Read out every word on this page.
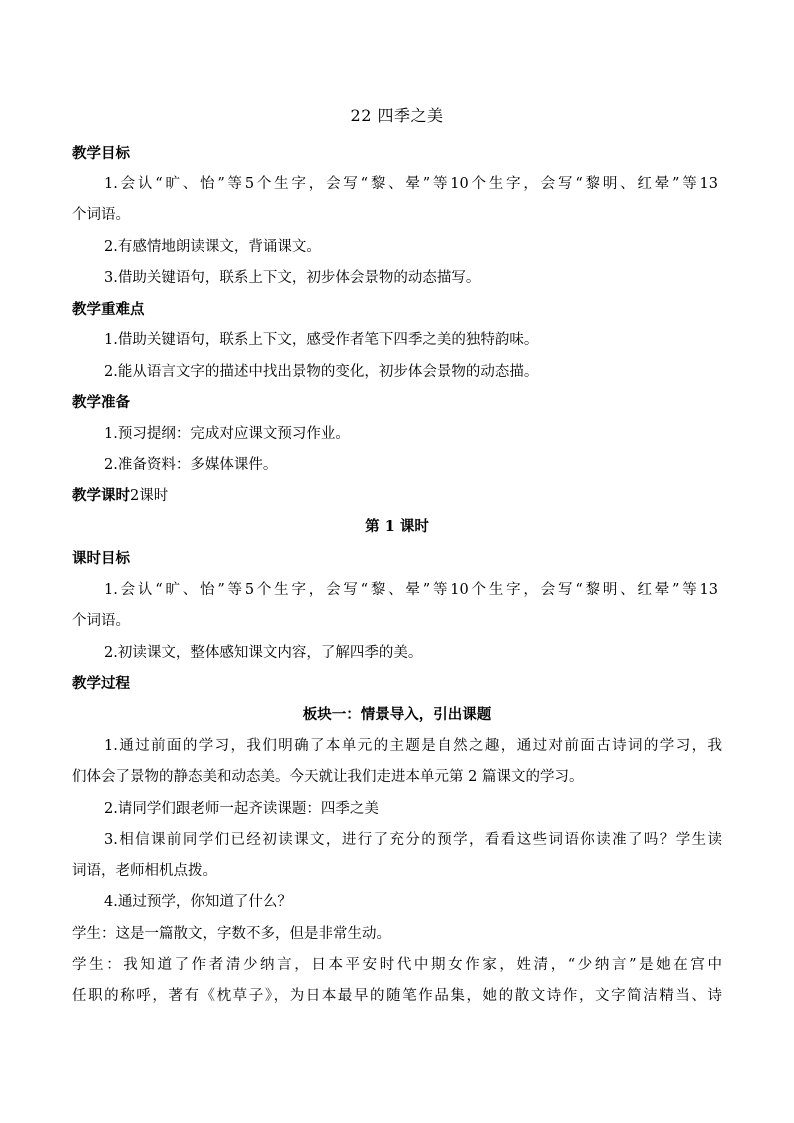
22 四季之美
教学目标
1.会认“旷、怡”等5个生字，会写“黎、晕”等10个生字，会写“黎明、红晕”等13
个词语。
2.有感情地朗读课文，背诵课文。
3.借助关键语句，联系上下文，初步体会景物的动态描写。
教学重难点
1.借助关键语句，联系上下文，感受作者笔下四季之美的独特韵味。
2.能从语言文字的描述中找出景物的变化，初步体会景物的动态描。
教学准备
1.预习提纲：完成对应课文预习作业。
2.准备资料：多媒体课件。
教学课时2课时
第 1 课时
课时目标
1.会认“旷、怡”等5个生字，会写“黎、晕”等10个生字，会写“黎明、红晕”等13
个词语。
2.初读课文，整体感知课文内容，了解四季的美。
教学过程
板块一：情景导入，引出课题
1.通过前面的学习，我们明确了本单元的主题是自然之趣，通过对前面古诗词的学习，我
们体会了景物的静态美和动态美。今天就让我们走进本单元第 2 篇课文的学习。
2.请同学们跟老师一起齐读课题：四季之美
3.相信课前同学们已经初读课文，进行了充分的预学，看看这些词语你读准了吗？学生读
词语，老师相机点拨。
4.通过预学，你知道了什么？
学生：这是一篇散文，字数不多，但是非常生动。
学生：我知道了作者清少纳言，日本平安时代中期女作家，姓清，“少纳言”是她在宫中
任职的称呼，著有《枕草子》，为日本最早的随笔作品集，她的散文诗作，文字简洁精当、诗
